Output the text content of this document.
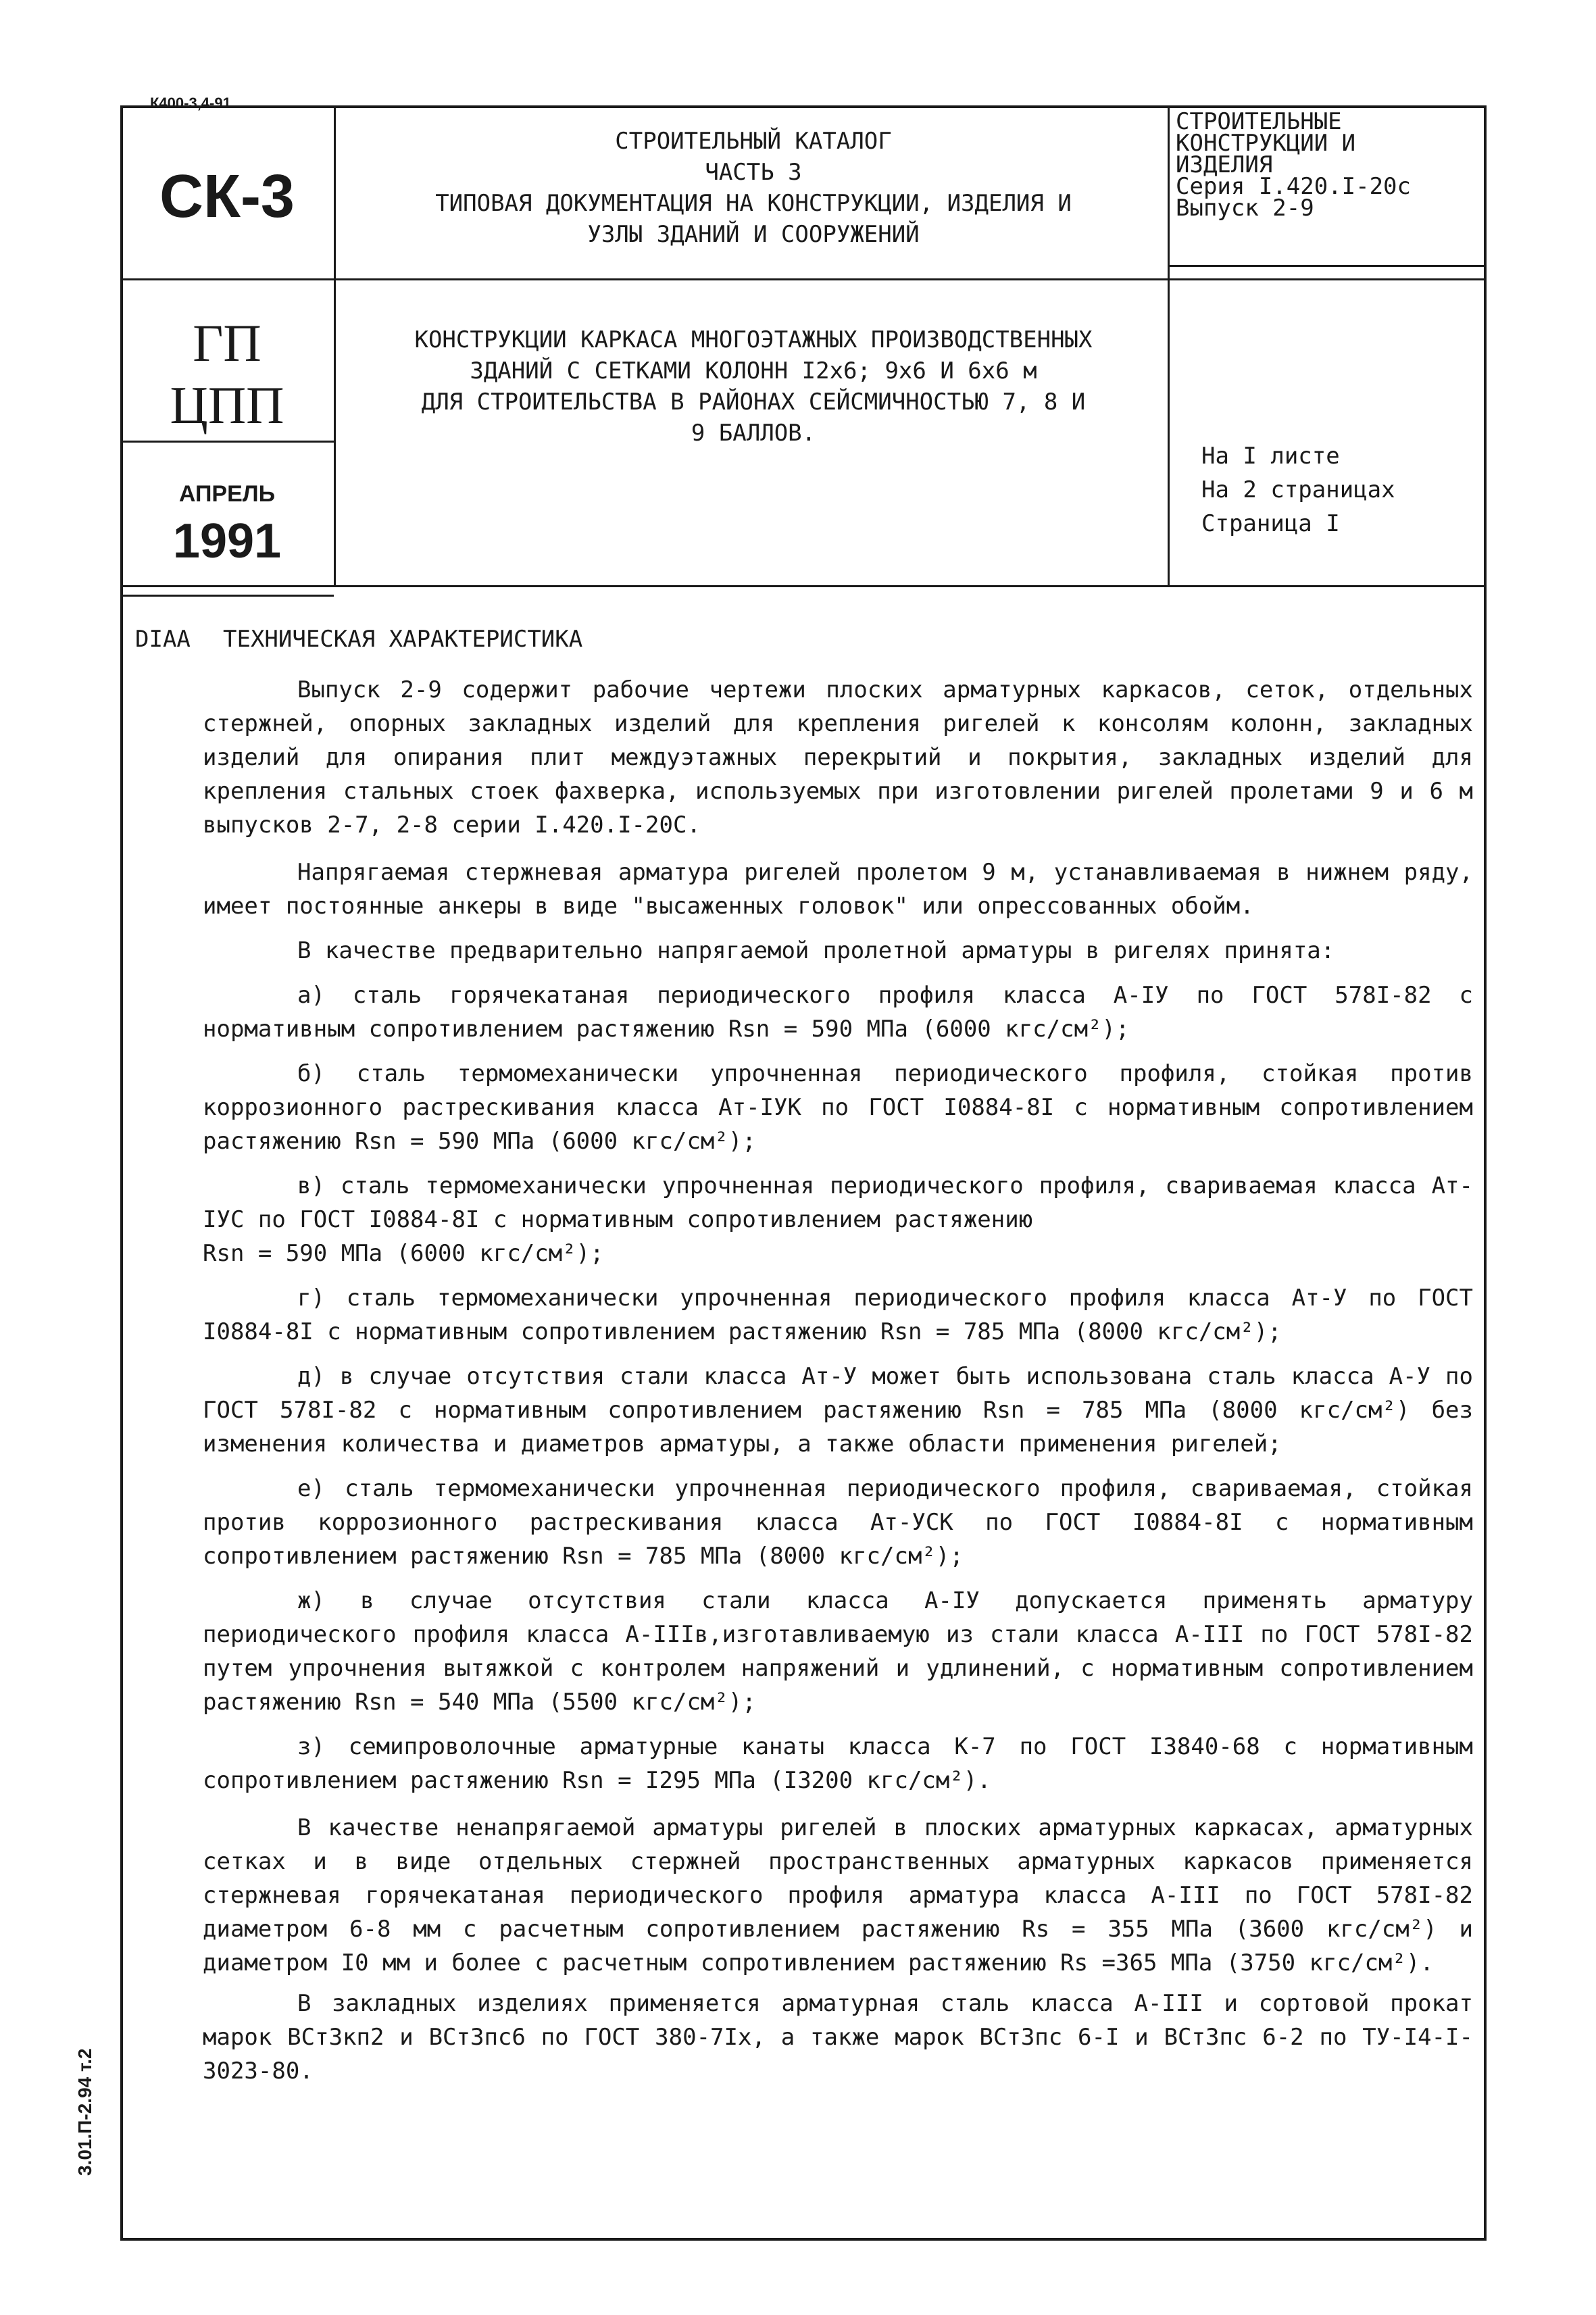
К400-3,4-91
СК-3
СТРОИТЕЛЬНЫЙ КАТАЛОГ
ЧАСТЬ 3
ТИПОВАЯ ДОКУМЕНТАЦИЯ НА КОНСТРУКЦИИ, ИЗДЕЛИЯ И
УЗЛЫ ЗДАНИЙ И СООРУЖЕНИЙ
СТРОИТЕЛЬНЫЕ
КОНСТРУКЦИИ И
ИЗДЕЛИЯ
Серия I.420.I-20с
Выпуск 2-9
ГП
ЦПП
КОНСТРУКЦИИ КАРКАСА МНОГОЭТАЖНЫХ ПРОИЗВОДСТВЕННЫХ
ЗДАНИЙ С СЕТКАМИ КОЛОНН I2х6; 9х6 И 6х6 м
ДЛЯ СТРОИТЕЛЬСТВА В РАЙОНАХ СЕЙСМИЧНОСТЬЮ 7, 8 И
9 БАЛЛОВ.
АПРЕЛЬ
1991
На I листе
На 2 страницах
Страница I
DIAA ТЕХНИЧЕСКАЯ ХАРАКТЕРИСТИКА
Выпуск 2-9 содержит рабочие чертежи плоских арматурных каркасов, сеток, отдельных стержней, опорных закладных изделий для крепления ригелей к консолям колонн, закладных изделий для опирания плит междуэтажных перекрытий и покрытия, закладных изделий для крепления стальных стоек фахверка, используемых при изготовлении ригелей пролетами 9 и 6 м выпусков 2-7, 2-8 серии I.420.I-20С.
Напрягаемая стержневая арматура ригелей пролетом 9 м, устанавливаемая в нижнем ряду, имеет постоянные анкеры в виде "высаженных головок" или опрессованных обойм.
В качестве предварительно напрягаемой пролетной арматуры в ригелях принята:
а) сталь горячекатаная периодического профиля класса А-IУ по ГОСТ 578I-82 с нормативным сопротивлением растяжению Rsn = 590 МПа (6000 кгс/см²);
б) сталь термомеханически упрочненная периодического профиля, стойкая против коррозионного растрескивания класса Ат-IУК по ГОСТ I0884-8I с нормативным сопротивлением растяжению Rsn = 590 МПа (6000 кгс/см²);
в) сталь термомеханически упрочненная периодического профиля, свариваемая класса Ат-IУС по ГОСТ I0884-8I с нормативным сопротивлением растяжению
Rsn = 590 МПа (6000 кгс/см²);
г) сталь термомеханически упрочненная периодического профиля класса Ат-У по ГОСТ I0884-8I с нормативным сопротивлением растяжению Rsn = 785 МПа (8000 кгс/см²);
д) в случае отсутствия стали класса Ат-У может быть использована сталь класса А-У по ГОСТ 578I-82 с нормативным сопротивлением растяжению Rsn = 785 МПа (8000 кгс/см²) без изменения количества и диаметров арматуры, а также области применения ригелей;
е) сталь термомеханически упрочненная периодического профиля, свариваемая, стойкая против коррозионного растрескивания класса Ат-УСК по ГОСТ I0884-8I с нормативным сопротивлением растяжению Rsn = 785 МПа (8000 кгс/см²);
ж) в случае отсутствия стали класса А-IУ допускается применять арматуру периодического профиля класса А-IIIв,изготавливаемую из стали класса А-III по ГОСТ 578I-82 путем упрочнения вытяжкой с контролем напряжений и удлинений, с нормативным сопротивлением растяжению Rsn = 540 МПа (5500 кгс/см²);
з) семипроволочные арматурные канаты класса К-7 по ГОСТ I3840-68 с нормативным сопротивлением растяжению Rsn = I295 МПа (I3200 кгс/см²).
В качестве ненапрягаемой арматуры ригелей в плоских арматурных каркасах, арматурных сетках и в виде отдельных стержней пространственных арматурных каркасов применяется стержневая горячекатаная периодического профиля арматура класса А-III по ГОСТ 578I-82 диаметром 6-8 мм с расчетным сопротивлением растяжению Rs = 355 МПа (3600 кгс/см²) и диаметром I0 мм и более с расчетным сопротивлением растяжению Rs =365 МПа (3750 кгс/см²).
В закладных изделиях применяется арматурная сталь класса А-III и сортовой прокат марок ВСт3кп2 и ВСт3пс6 по ГОСТ 380-7Iх, а также марок ВСт3пс 6-I и ВСт3пс 6-2 по ТУ-I4-I-3023-80.
3.01.П-2.94 т.2
